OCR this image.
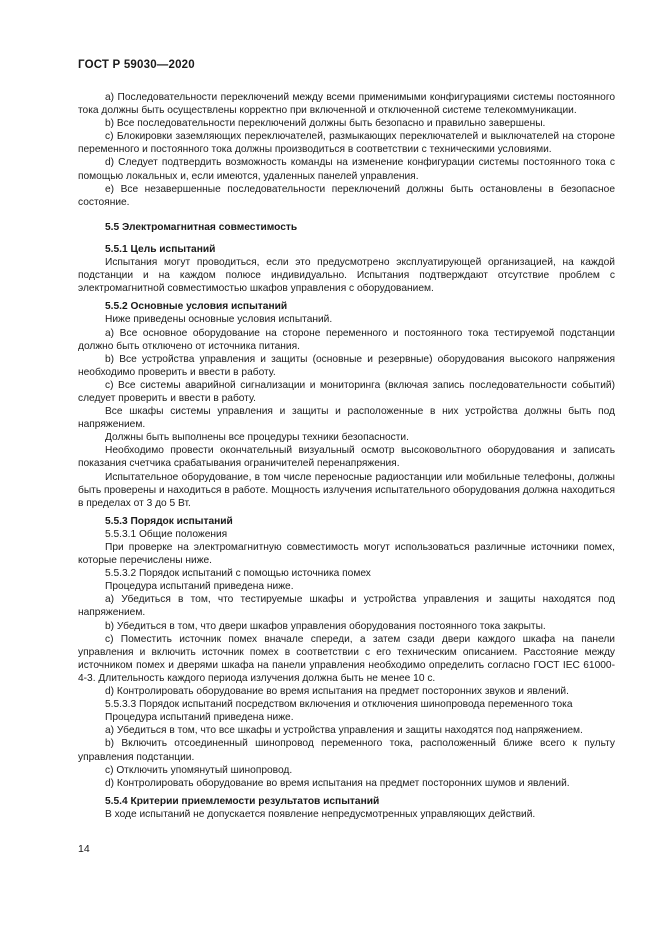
ГОСТ Р 59030—2020

a) Последовательности переключений между всеми применимыми конфигурациями системы постоянного тока должны быть осуществлены корректно при включенной и отключенной системе телекоммуникации.

b) Все последовательности переключений должны быть безопасно и правильно завершены.

c) Блокировки заземляющих переключателей, размыкающих переключателей и выключателей на стороне переменного и постоянного тока должны производиться в соответствии с техническими условиями.

d) Следует подтвердить возможность команды на изменение конфигурации системы постоянного тока с помощью локальных и, если имеются, удаленных панелей управления.

e) Все незавершенные последовательности переключений должны быть остановлены в безопасное состояние.

5.5 Электромагнитная совместимость

5.5.1 Цель испытаний

Испытания могут проводиться, если это предусмотрено эксплуатирующей организацией, на каждой подстанции и на каждом полюсе индивидуально. Испытания подтверждают отсутствие проблем с электромагнитной совместимостью шкафов управления с оборудованием.

5.5.2 Основные условия испытаний

Ниже приведены основные условия испытаний.

a) Все основное оборудование на стороне переменного и постоянного тока тестируемой подстанции должно быть отключено от источника питания.

b) Все устройства управления и защиты (основные и резервные) оборудования высокого напряжения необходимо проверить и ввести в работу.

c) Все системы аварийной сигнализации и мониторинга (включая запись последовательности событий) следует проверить и ввести в работу.

Все шкафы системы управления и защиты и расположенные в них устройства должны быть под напряжением.

Должны быть выполнены все процедуры техники безопасности.

Необходимо провести окончательный визуальный осмотр высоковольтного оборудования и записать показания счетчика срабатывания ограничителей перенапряжения.

Испытательное оборудование, в том числе переносные радиостанции или мобильные телефоны, должны быть проверены и находиться в работе. Мощность излучения испытательного оборудования должна находиться в пределах от 3 до 5 Вт.

5.5.3 Порядок испытаний

5.5.3.1 Общие положения

При проверке на электромагнитную совместимость могут использоваться различные источники помех, которые перечислены ниже.

5.5.3.2 Порядок испытаний с помощью источника помех

Процедура испытаний приведена ниже.

a) Убедиться в том, что тестируемые шкафы и устройства управления и защиты находятся под напряжением.

b) Убедиться в том, что двери шкафов управления оборудования постоянного тока закрыты.

c) Поместить источник помех вначале спереди, а затем сзади двери каждого шкафа на панели управления и включить источник помех в соответствии с его техническим описанием. Расстояние между источником помех и дверями шкафа на панели управления необходимо определить согласно ГОСТ IEC 61000-4-3. Длительность каждого периода излучения должна быть не менее 10 с.

d) Контролировать оборудование во время испытания на предмет посторонних звуков и явлений.

5.5.3.3 Порядок испытаний посредством включения и отключения шинопровода переменного тока

Процедура испытаний приведена ниже.

a) Убедиться в том, что все шкафы и устройства управления и защиты находятся под напряжением.

b) Включить отсоединенный шинопровод переменного тока, расположенный ближе всего к пульту управления подстанции.

c) Отключить упомянутый шинопровод.

d) Контролировать оборудование во время испытания на предмет посторонних шумов и явлений.

5.5.4 Критерии приемлемости результатов испытаний

В ходе испытаний не допускается появление непредусмотренных управляющих действий.

14
